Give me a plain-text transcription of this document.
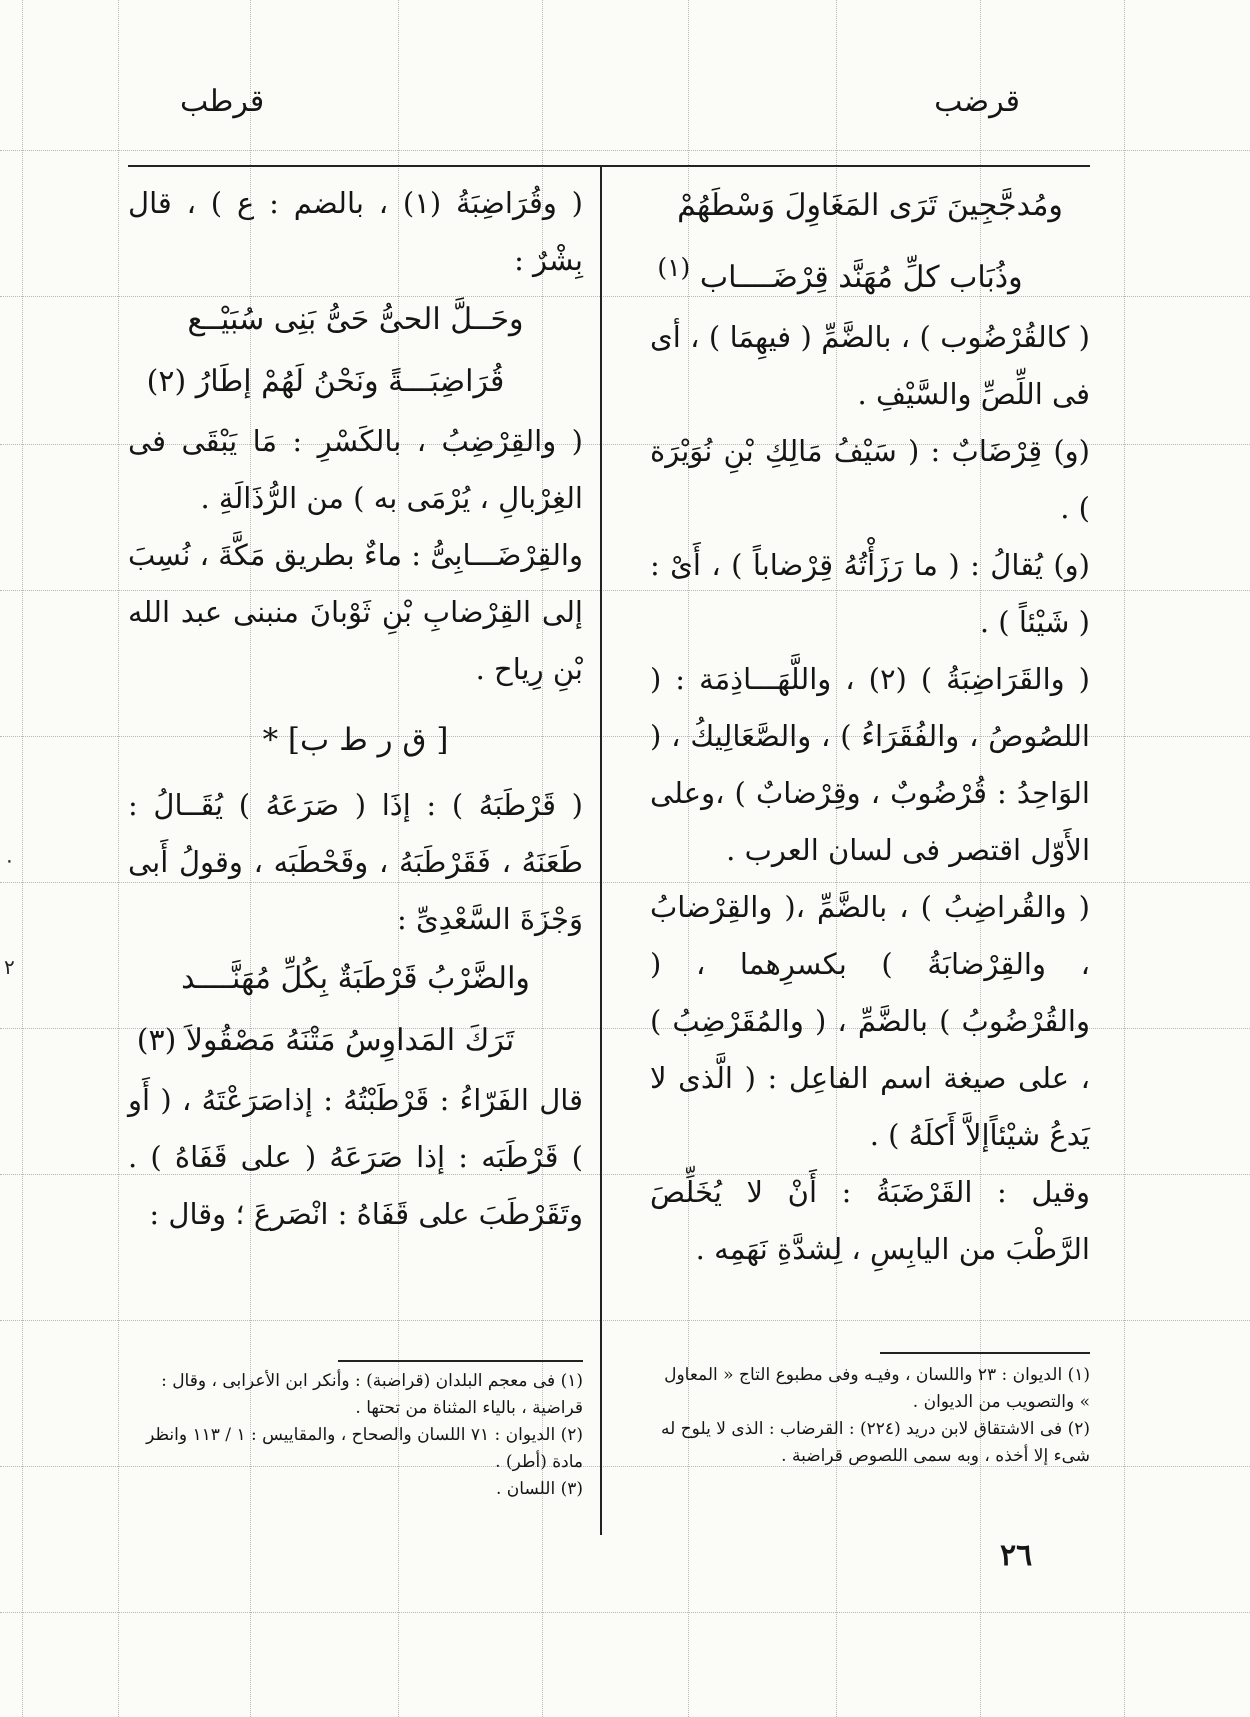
٠
٢
قرضب
قرطب
ومُدجَّجِينَ تَرَى المَغَاوِلَ وَسْطَهُمْ
وذُبَاب كلِّ مُهَنَّد قِرْضَــــاب $^{(١)}$

( كالقُرْضُوب ) ، بالضَّمِّ ( فيهِمَا ) ، أى فى اللِّصِّ والسَّيْفِ .

(و) قِرْضَابٌ : ( سَيْفُ مَالِكِ بْنِ نُوَيْرَة ) .

(و) يُقالُ : ( ما رَزَأْتُهُ قِرْضاباً ) ، أَىْ : ( شَيْئاً ) .

( والقَرَاضِبَةُ ) (٢) ، واللَّهَـــاذِمَة : ( اللصُوصُ ، والفُقَرَاءُ ) ، والصَّعَالِيكُ ، ( الوَاحِدُ : قُرْضُوبٌ ، وقِرْضابٌ ) ،وعلى الأَوّل اقتصر فى لسان العرب .

( والقُراضِبُ ) ، بالضَّمِّ ،( والقِرْضابُ ، والقِرْضابَةُ ) بكسرِهما ، ( والقُرْضُوبُ ) بالضَّمِّ ، ( والمُقَرْضِبُ ) ، على صيغة اسم الفاعِل : ( الَّذى لا يَدعُ شيْئاًإلاَّ أَكلَهُ ) .

وقيل : القَرْضَبَةُ : أَنْ لا يُخَلِّصَ الرَّطْبَ من اليابِسِ ، لِشدَّةِ نَهَمِه .

( وقُرَاضِبَةُ (١) ، بالضم : ع ) ، قال بِشْرٌ :

وحَــلَّ الحىُّ حَىُّ بَنِى سُبَيْــع
قُرَاضِبَـــةً ونَحْنُ لَهُمْ إطَارُ (٢)

( والقِرْضِبُ ، بالكَسْرِ : مَا يَبْقَى فى الغِرْبالِ ، يُرْمَى به ) من الرُّذَالَةِ .

والقِرْضَـــابِىُّ : ماءٌ بطريق مَكَّةَ ، نُسِبَ إلى القِرْضابِ بْنِ ثَوْبانَ منبنى عبد الله بْنِ رِياح .

[ ق ر ط ب] *

( قَرْطَبَهُ ) : إذَا ( صَرَعَهُ ) يُقَــالُ : طَعَنَهُ ، فَقَرْطَبَهُ ، وقَحْطَبَه ، وقولُ أَبى وَجْزَةَ السَّعْدِىِّ :

والضَّرْبُ قَرْطَبَةٌ بِكُلِّ مُهَنَّــــد
تَرَكَ المَداوِسُ مَتْنَهُ مَصْقُولاَ (٣)

قال الفَرّاءُ : قَرْطَبْتُهُ : إذاصَرَعْتَهُ ، ( أَو ) قَرْطَبَه : إذا صَرَعَهُ ( على قَفَاهُ ) . وتَقَرْطَبَ على قَفَاهُ : انْصَرعَ ؛ وقال :

(١) الديوان : ٢٣ واللسان ، وفيـه وفى مطبوع التاج « المعاول » والتصويب من الديوان .

(٢) فى الاشتقاق لابن دريد (٢٢٤) : القرضاب : الذى لا يلوح له شىء إلا أخذه ، وبه سمى اللصوص قراضبة .

(١) فى معجم البلدان (قراضبة) : وأنكر ابن الأعرابى ، وقال : قراضية ، بالياء المثناة من تحتها .

(٢) الديوان : ٧١ اللسان والصحاح ، والمقاييس : ١ / ١١٣ وانظر مادة (أطر) .

(٣) اللسان .

٢٦
